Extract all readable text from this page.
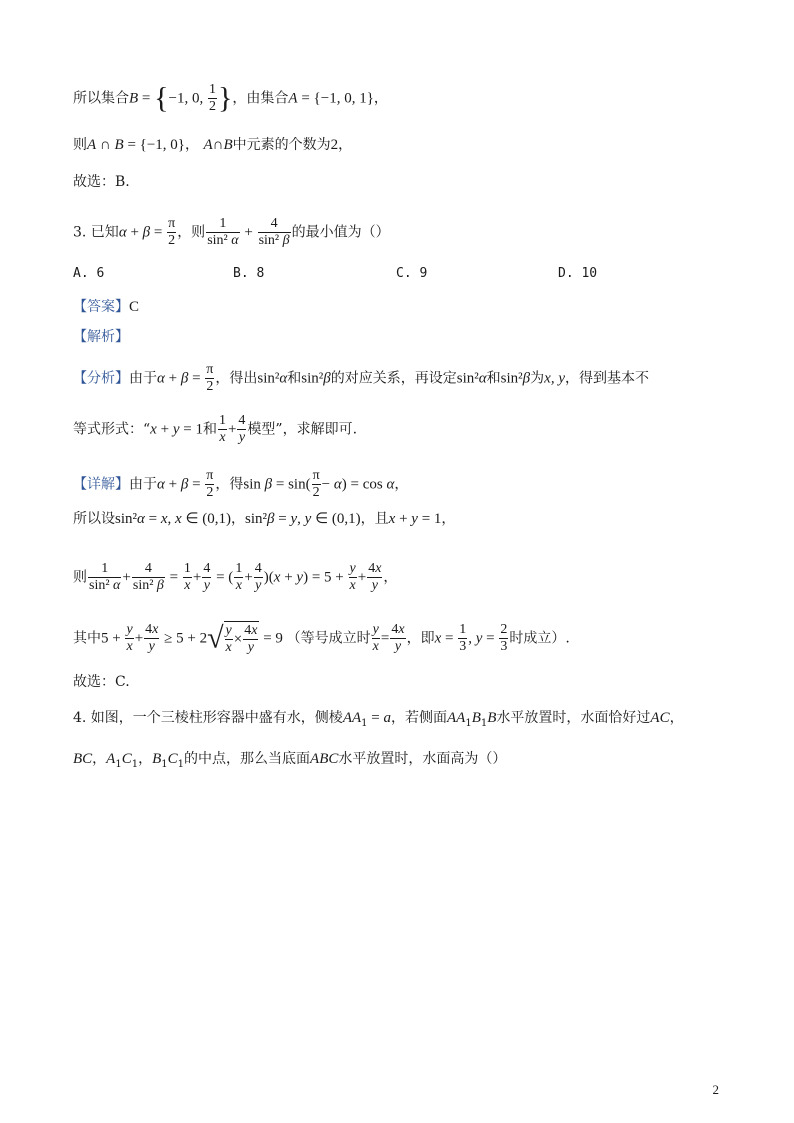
所以集合B = {−1, 0, $\frac{1}{2}$ }，由集合A = {−1, 0, 1}，
则A ∩ B = {−1, 0}， A∩B中元素的个数为2，
故选：B.
3. 已知$\alpha + \beta = \frac{\pi}{2}$ ，则 $\frac{1}{\text{sin² α}} + \frac{4}{\text{sin² β}}$ 的最小值为（）
A. 6	B. 8	C. 9	D. 10
【答案】C
【解析】
【分析】由于$\alpha + \beta = \frac{\pi}{2}$ ，得出sin²α和sin²β的对应关系，再设定sin²α和sin²β为x, y，得到基本不
等式形式：“x + y = 1和 $\frac{1}{x} + \frac{4}{y}$ 模型”，求解即可.
【详解】由于$\alpha + \beta = \frac{\pi}{2}$ ，得$\sin \beta = \sin( \frac{\pi}{2} - \alpha) = \cos \alpha$，
所以设sin²α = x, x ∈ (0,1)，sin²β = y, y ∈ (0,1)，且x + y = 1，
则 $\frac{1}{\text{sin² α}} + \frac{4}{\text{sin² β}} = \frac{1}{x} + \frac{4}{y}$ = ( $\frac{1}{x} + \frac{4}{y} )(x + y) = 5 + \frac{y}{x} + \frac{4x}{y}$ ，
其中$5 + \frac{y}{x} + \frac{4x}{y} \ge 5 + 2√ \frac{y}{x} \times \frac{4x}{y} = 9$ （等号成立时 $\frac{y}{x} = \frac{4x}{y}$ ，即$x = \frac{1}{3}$ , $y = \frac{2}{3}$ 时成立）.
故选：C.
4. 如图，一个三棱柱形容器中盛有水，侧棱$AA_1 = a$，若侧面$AA_1B_1B$水平放置时，水面恰好过AC，
BC，$A_1C_1$，$B_1C_1$的中点，那么当底面ABC水平放置时，水面高为（）
2
